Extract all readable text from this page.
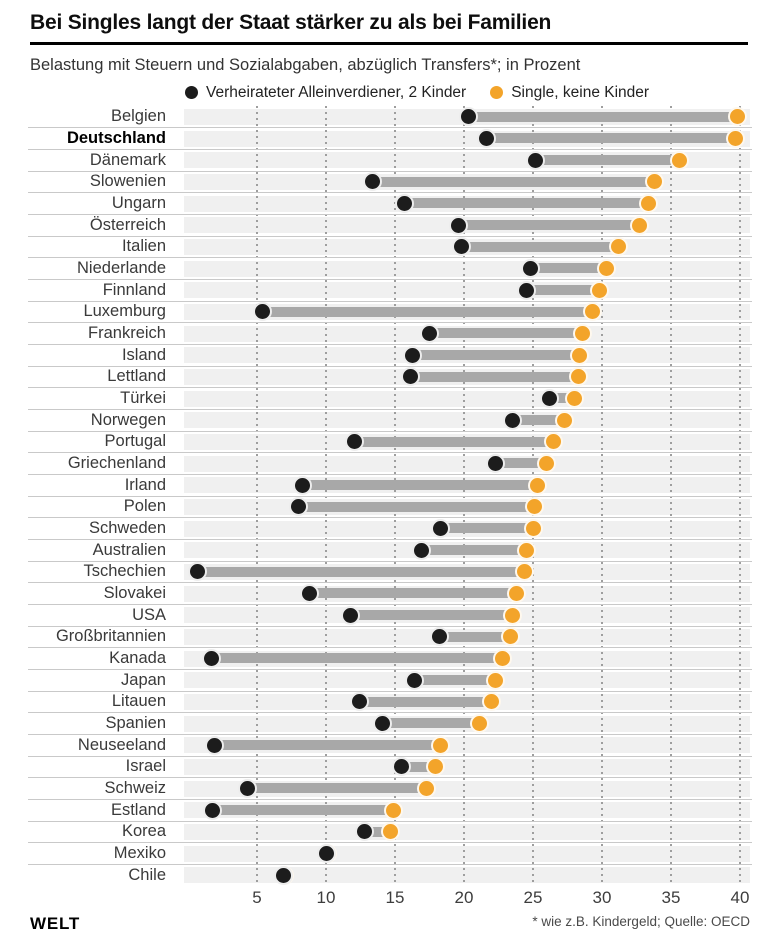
Bei Singles langt der Staat stärker zu als bei Familien
Belastung mit Steuern und Sozialabgaben, abzüglich Transfers*; in Prozent
Verheirateter Alleinverdiener, 2 Kinder	Single, keine Kinder
Belgien
Deutschland
Dänemark
Slowenien
Ungarn
Österreich
Italien
Niederlande
Finnland
Luxemburg
Frankreich
Island
Lettland
Türkei
Norwegen
Portugal
Griechenland
Irland
Polen
Schweden
Australien
Tschechien
Slovakei
USA
Großbritannien
Kanada
Japan
Litauen
Spanien
Neuseeland
Israel
Schweiz
Estland
Korea
Mexiko
Chile
5	10	15	20	25	30	35	40
WELT	* wie z.B. Kindergeld; Quelle: OECD
